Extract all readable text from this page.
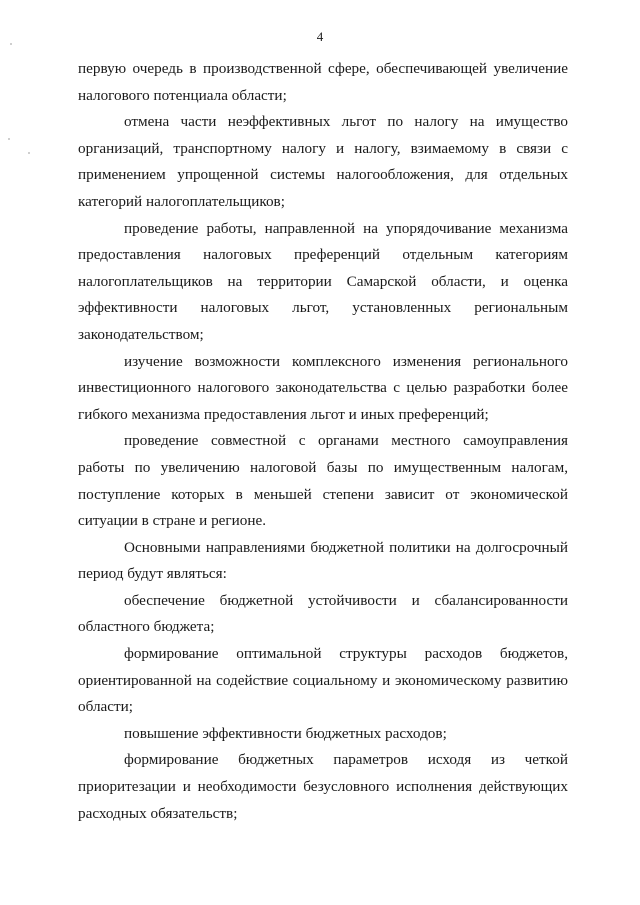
4

первую очередь в производственной сфере, обеспечивающей увеличение налогового потенциала области;

отмена части неэффективных льгот по налогу на имущество организаций, транспортному налогу и налогу, взимаемому в связи с применением упрощенной системы налогообложения, для отдельных категорий налогоплательщиков;

проведение работы, направленной на упорядочивание механизма предоставления налоговых преференций отдельным категориям налогоплательщиков на территории Самарской области, и оценка эффективности налоговых льгот, установленных региональным законодательством;

изучение возможности комплексного изменения регионального инвестиционного налогового законодательства с целью разработки более гибкого механизма предоставления льгот и иных преференций;

проведение совместной с органами местного самоуправления работы по увеличению налоговой базы по имущественным налогам, поступление которых в меньшей степени зависит от экономической ситуации в стране и регионе.

Основными направлениями бюджетной политики на долгосрочный период будут являться:

обеспечение бюджетной устойчивости и сбалансированности областного бюджета;

формирование оптимальной структуры расходов бюджетов, ориентированной на содействие социальному и экономическому развитию области;

повышение эффективности бюджетных расходов;

формирование бюджетных параметров исходя из четкой приоритезации и необходимости безусловного исполнения действующих расходных обязательств;
